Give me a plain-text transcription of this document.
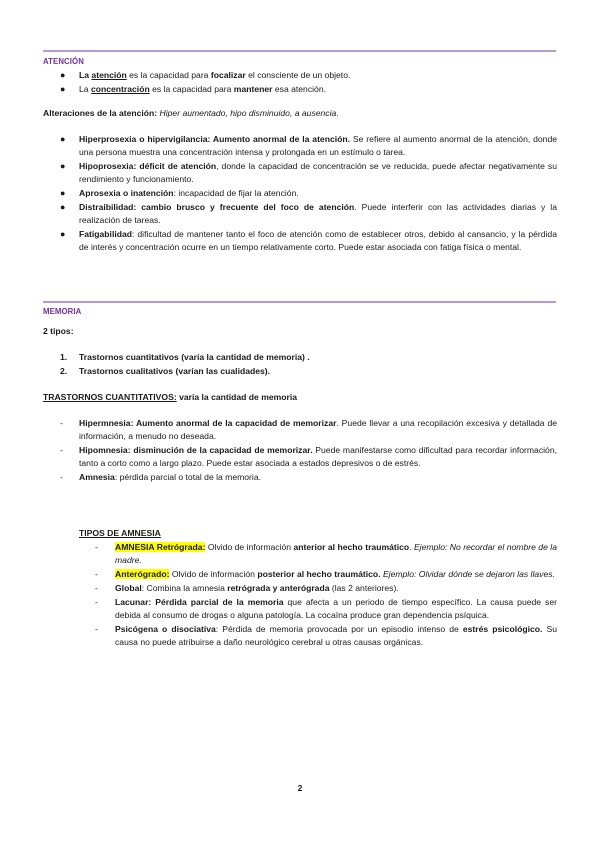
ATENCIÓN
● La atención es la capacidad para focalizar el consciente de un objeto.
● La concentración es la capacidad para mantener esa atención.

Alteraciones de la atención: Hiper aumentado, hipo disminuido, a ausencia.

● Hiperprosexia o hipervigilancia: Aumento anormal de la atención. Se refiere al aumento anormal de la atención, donde una persona muestra una concentración intensa y prolongada en un estímulo o tarea.
● Hipoprosexia: déficit de atención, donde la capacidad de concentración se ve reducida, puede afectar negativamente su rendimiento y funcionamiento.
● Aprosexia o inatención: incapacidad de fijar la atención.
● Distraibilidad: cambio brusco y frecuente del foco de atención. Puede interferir con las actividades diarias y la realización de tareas.
● Fatigabilidad: dificultad de mantener tanto el foco de atención como de establecer otros, debido al cansancio, y la pérdida de interés y concentración ocurre en un tiempo relativamente corto. Puede estar asociada con fatiga física o mental.
MEMORIA

2 tipos:

1. Trastornos cuantitativos (varía la cantidad de memoria) .
2. Trastornos cualitativos (varían las cualidades).

TRASTORNOS CUANTITATIVOS: varía la cantidad de memoria

- Hipermnesia: Aumento anormal de la capacidad de memorizar. Puede llevar a una recopilación excesiva y detallada de información, a menudo no deseada.
- Hipomnesia: disminución de la capacidad de memorizar. Puede manifestarse como dificultad para recordar información, tanto a corto como a largo plazo. Puede estar asociada a estados depresivos o de estrés.
- Amnesia: pérdida parcial o total de la memoria.

TIPOS DE AMNESIA

- AMNESIA Retrógrada: Olvido de información anterior al hecho traumático. Ejemplo: No recordar el nombre de la madre.
- Anterógrado: Olvido de información posterior al hecho traumático. Ejemplo: Olvidar dónde se dejaron las llaves.
- Global: Combina la amnesia retrógrada y anterógrada (las 2 anteriores).
- Lacunar: Pérdida parcial de la memoria que afecta a un periodo de tiempo específico. La causa puede ser debida al consumo de drogas o alguna patología. La cocaína produce gran dependencia psíquica.
- Psicógena o disociativa: Pérdida de memoria provocada por un episodio intenso de estrés psicológico. Su causa no puede atribuirse a daño neurológico cerebral u otras causas orgánicas.
2
